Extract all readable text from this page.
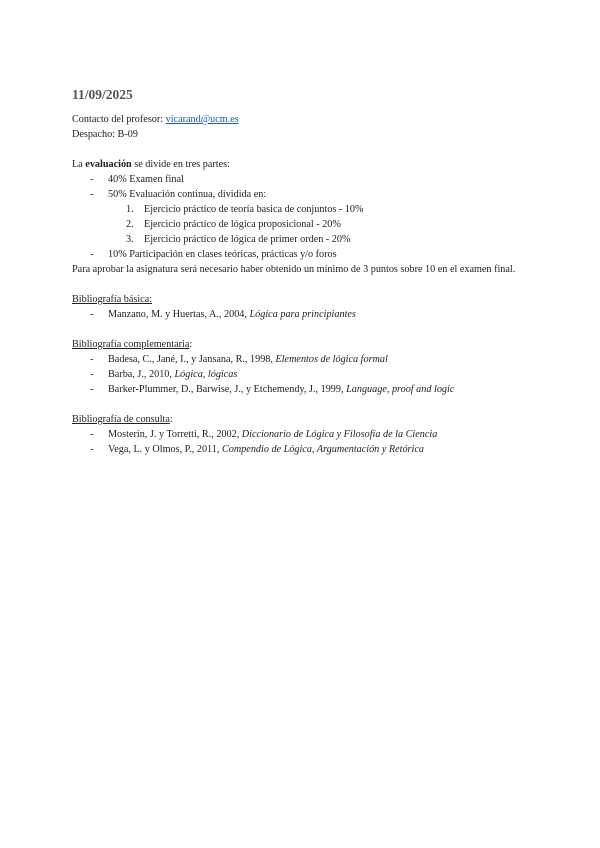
11/09/2025

Contacto del profesor: vicarand@ucm.es

Despacho: B-09

La evaluación se divide en tres partes:

- 40% Examen final
- 50% Evaluación continua, dividida en:
1. Ejercicio práctico de teoría basica de conjuntos - 10%
2. Ejercicio práctico de lógica proposicional - 20%
3. Ejercicio práctico de lógica de primer orden - 20%
- 10% Participación en clases teóricas, prácticas y/o foros

Para aprobar la asignatura será necesario haber obtenido un mínimo de 3 puntos sobre 10 en el examen final.

Bibliografía básica:

- Manzano, M. y Huertas, A., 2004, Lógica para principiantes

Bibliografía complementaria:

- Badesa, C., Jané, I., y Jansana, R., 1998, Elementos de lógica formal
- Barba, J., 2010, Lógica, lógicas
- Barker-Plummer, D., Barwise, J., y Etchemendy, J., 1999, Language, proof and logic

Bibliografía de consulta:

- Mosterín, J. y Torretti, R., 2002, Diccionario de Lógica y Filosofía de la Ciencia
- Vega, L. y Olmos, P., 2011, Compendio de Lógica, Argumentación y Retórica
